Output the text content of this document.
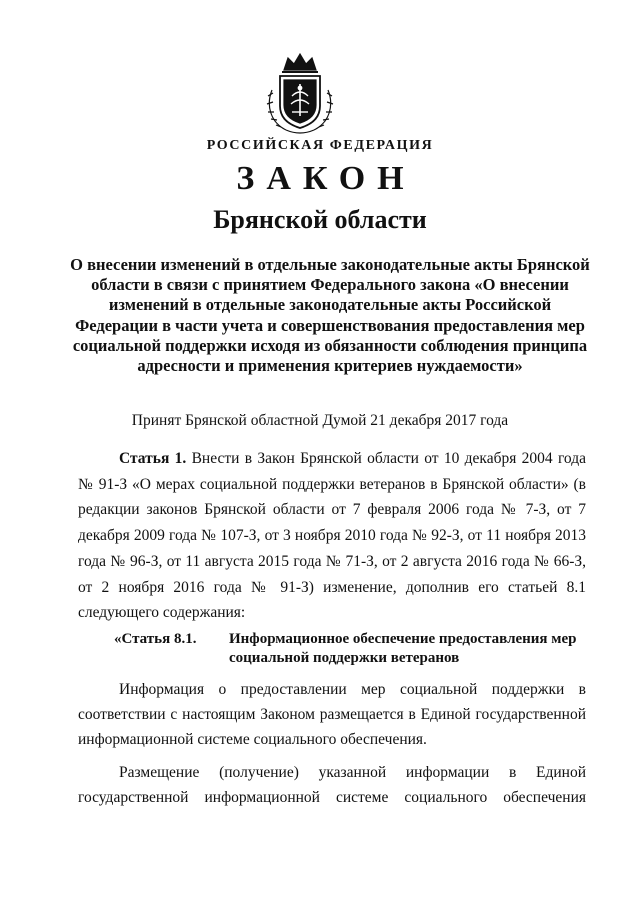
РОССИЙСКАЯ ФЕДЕРАЦИЯ
ЗАКОН
Брянской области
О внесении изменений в отдельные законодательные акты Брянской области в связи с принятием Федерального закона «О внесении изменений в отдельные законодательные акты Российской Федерации в части учета и совершенствования предоставления мер социальной поддержки исходя из обязанности соблюдения принципа адресности и применения критериев нуждаемости»
Принят Брянской областной Думой 21 декабря 2017 года
Статья 1. Внести в Закон Брянской области от 10 декабря 2004 года № 91-З «О мерах социальной поддержки ветеранов в Брянской области» (в редакции законов Брянской области от 7 февраля 2006 года № 7-З, от 7 декабря 2009 года № 107-З, от 3 ноября 2010 года № 92-З, от 11 ноября 2013 года № 96-З, от 11 августа 2015 года № 71-З, от 2 августа 2016 года № 66-З, от 2 ноября 2016 года № 91-З) изменение, дополнив его статьей 8.1 следующего содержания:
«Статья 8.1. Информационное обеспечение предоставления мер социальной поддержки ветеранов
Информация о предоставлении мер социальной поддержки в соответствии с настоящим Законом размещается в Единой государственной информационной системе социального обеспечения.
Размещение (получение) указанной информации в Единой государственной информационной системе социального обеспечения
